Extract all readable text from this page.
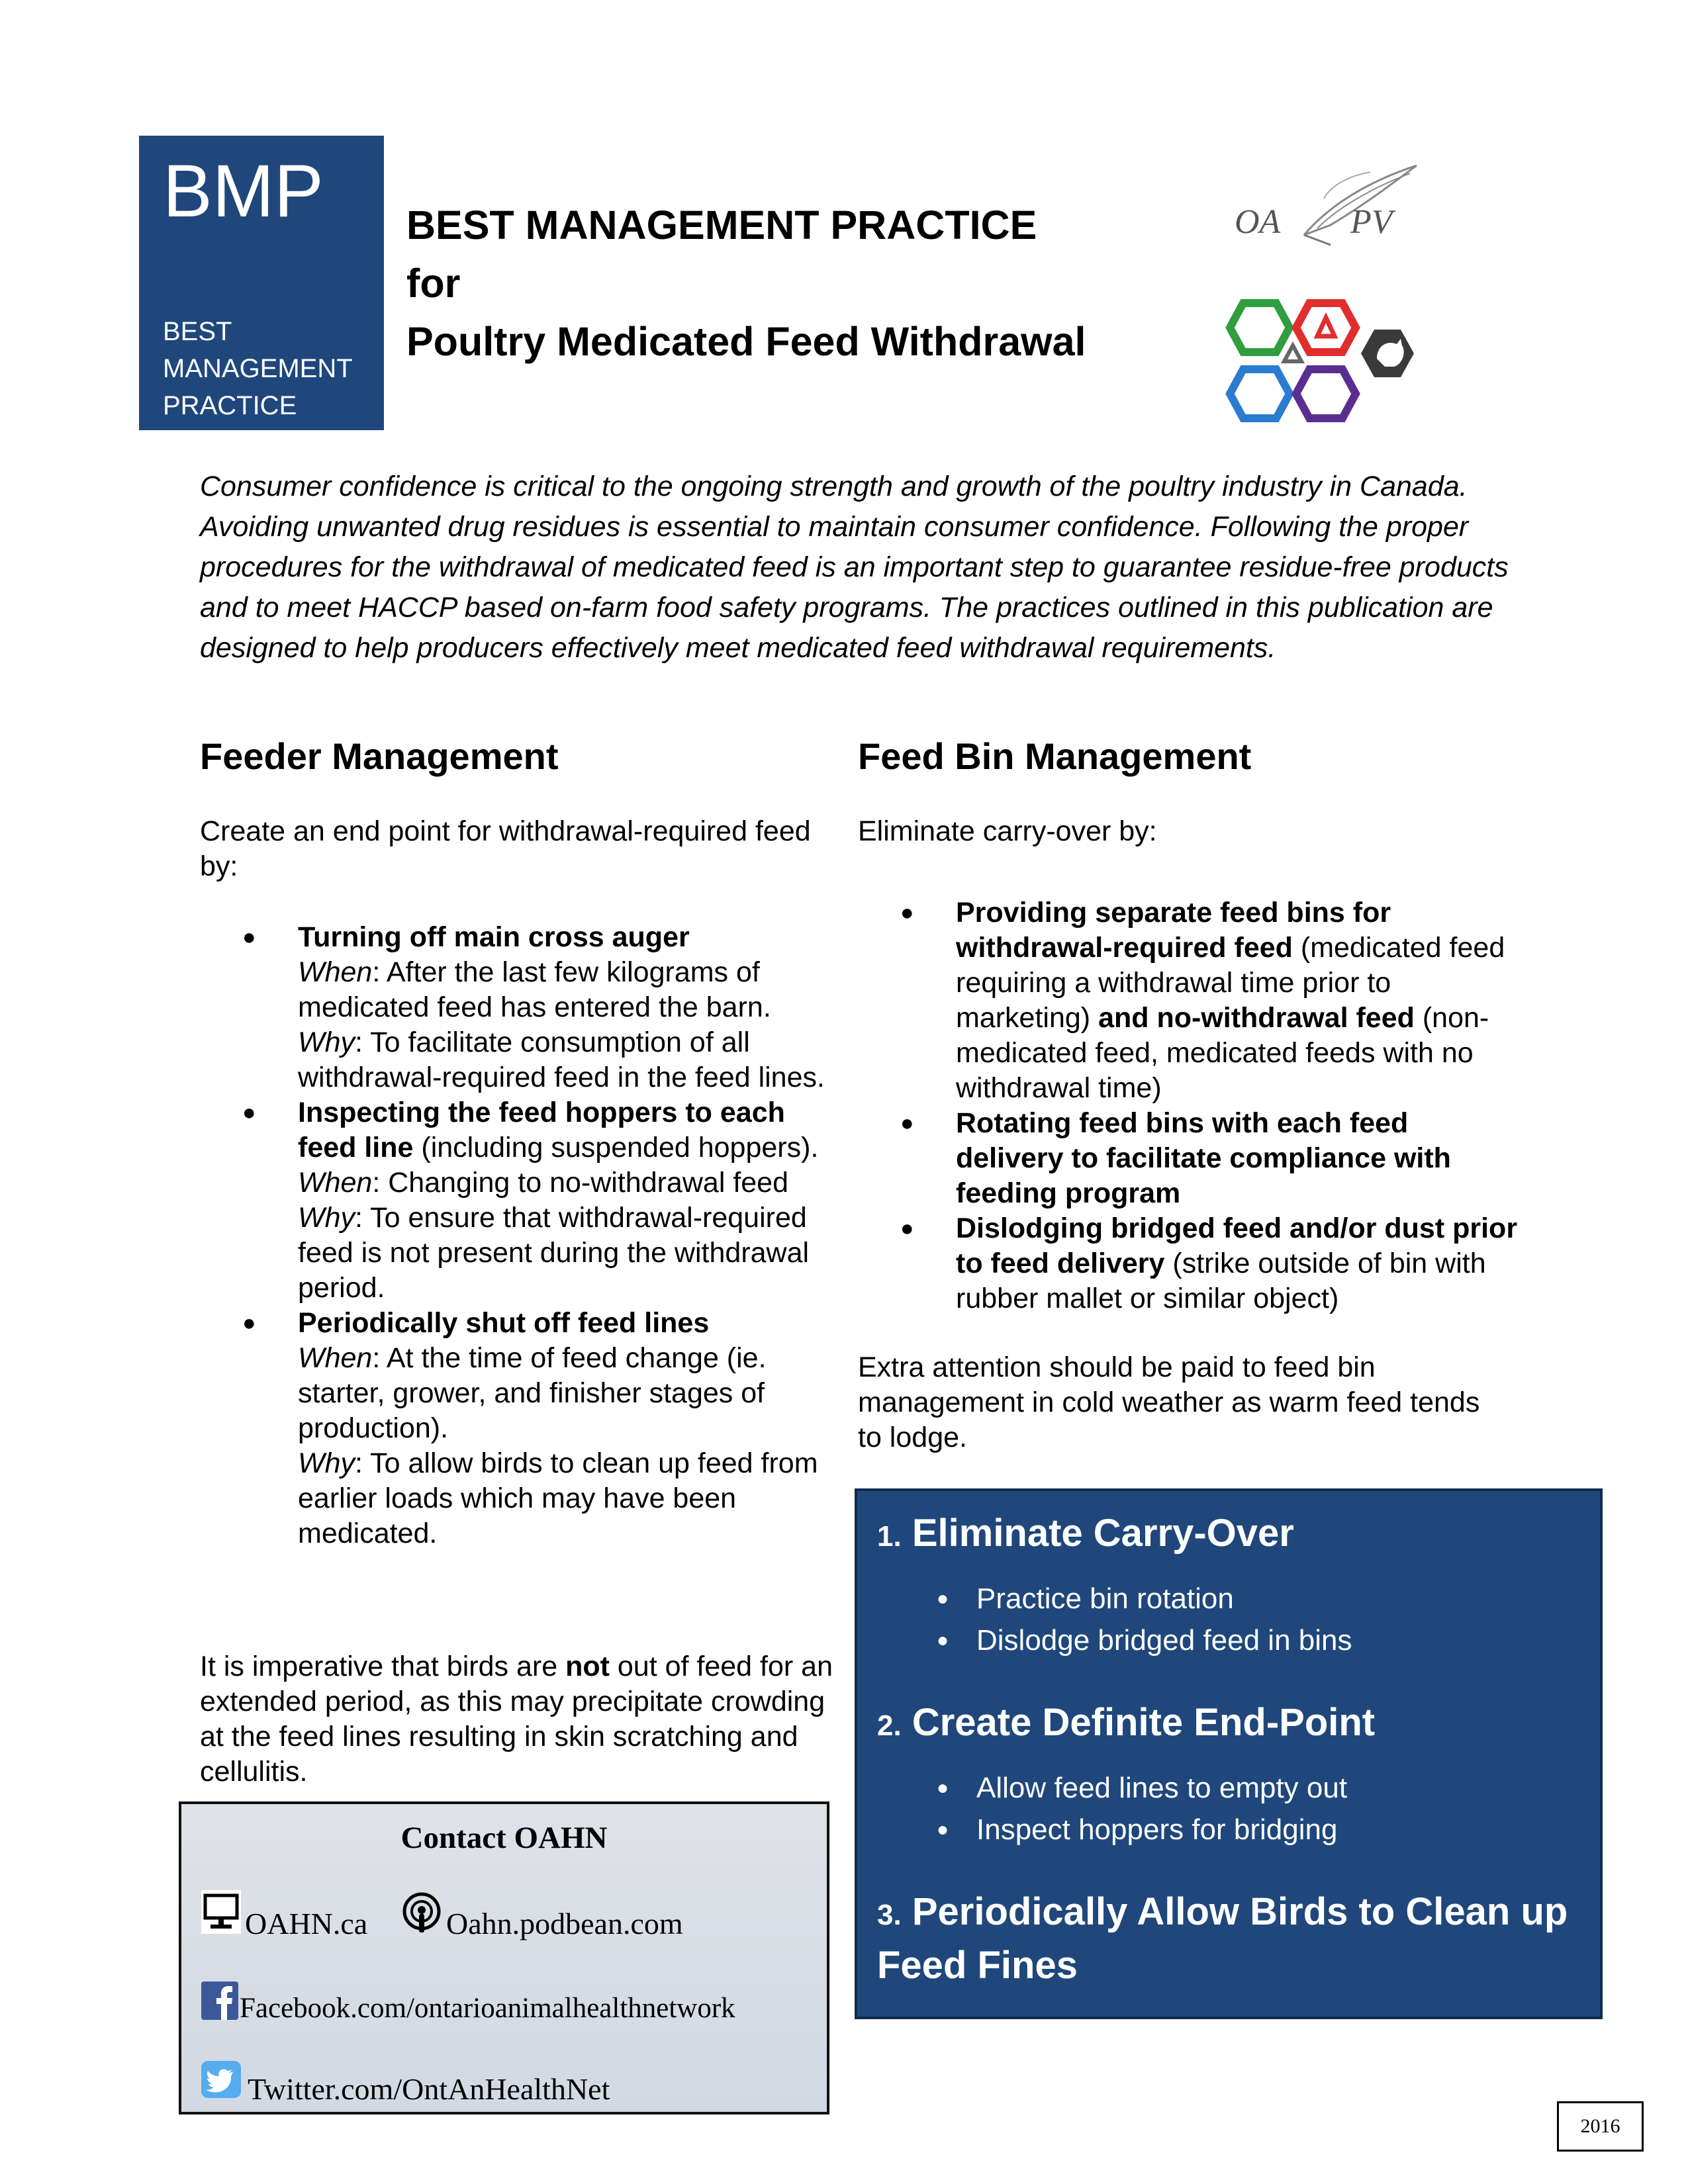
BMP
BEST
MANAGEMENT
PRACTICE
BEST MANAGEMENT PRACTICE
for
Poultry Medicated Feed Withdrawal
OA PV
Consumer confidence is critical to the ongoing strength and growth of the poultry industry in Canada. Avoiding unwanted drug residues is essential to maintain consumer confidence. Following the proper procedures for the withdrawal of medicated feed is an important step to guarantee residue-free products and to meet HACCP based on-farm food safety programs. The practices outlined in this publication are designed to help producers effectively meet medicated feed withdrawal requirements.
Feeder Management	Feed Bin Management
Create an end point for withdrawal-required feed by:
● Turning off main cross auger
When: After the last few kilograms of medicated feed has entered the barn.
Why: To facilitate consumption of all withdrawal-required feed in the feed lines.
● Inspecting the feed hoppers to each feed line (including suspended hoppers).
When: Changing to no-withdrawal feed
Why: To ensure that withdrawal-required feed is not present during the withdrawal period.
● Periodically shut off feed lines
When: At the time of feed change (ie. starter, grower, and finisher stages of production).
Why: To allow birds to clean up feed from earlier loads which may have been medicated.
It is imperative that birds are not out of feed for an extended period, as this may precipitate crowding at the feed lines resulting in skin scratching and cellulitis.
Eliminate carry-over by:
● Providing separate feed bins for withdrawal-required feed (medicated feed requiring a withdrawal time prior to marketing) and no-withdrawal feed (non-medicated feed, medicated feeds with no withdrawal time)
● Rotating feed bins with each feed delivery to facilitate compliance with feeding program
● Dislodging bridged feed and/or dust prior to feed delivery (strike outside of bin with rubber mallet or similar object)
Extra attention should be paid to feed bin management in cold weather as warm feed tends to lodge.
Contact OAHN
OAHN.ca	Oahn.podbean.com
Facebook.com/ontarioanimalhealthnetwork
Twitter.com/OntAnHealthNet
1. Eliminate Carry-Over
● Practice bin rotation
● Dislodge bridged feed in bins
2. Create Definite End-Point
● Allow feed lines to empty out
● Inspect hoppers for bridging
3. Periodically Allow Birds to Clean up Feed Fines
2016
